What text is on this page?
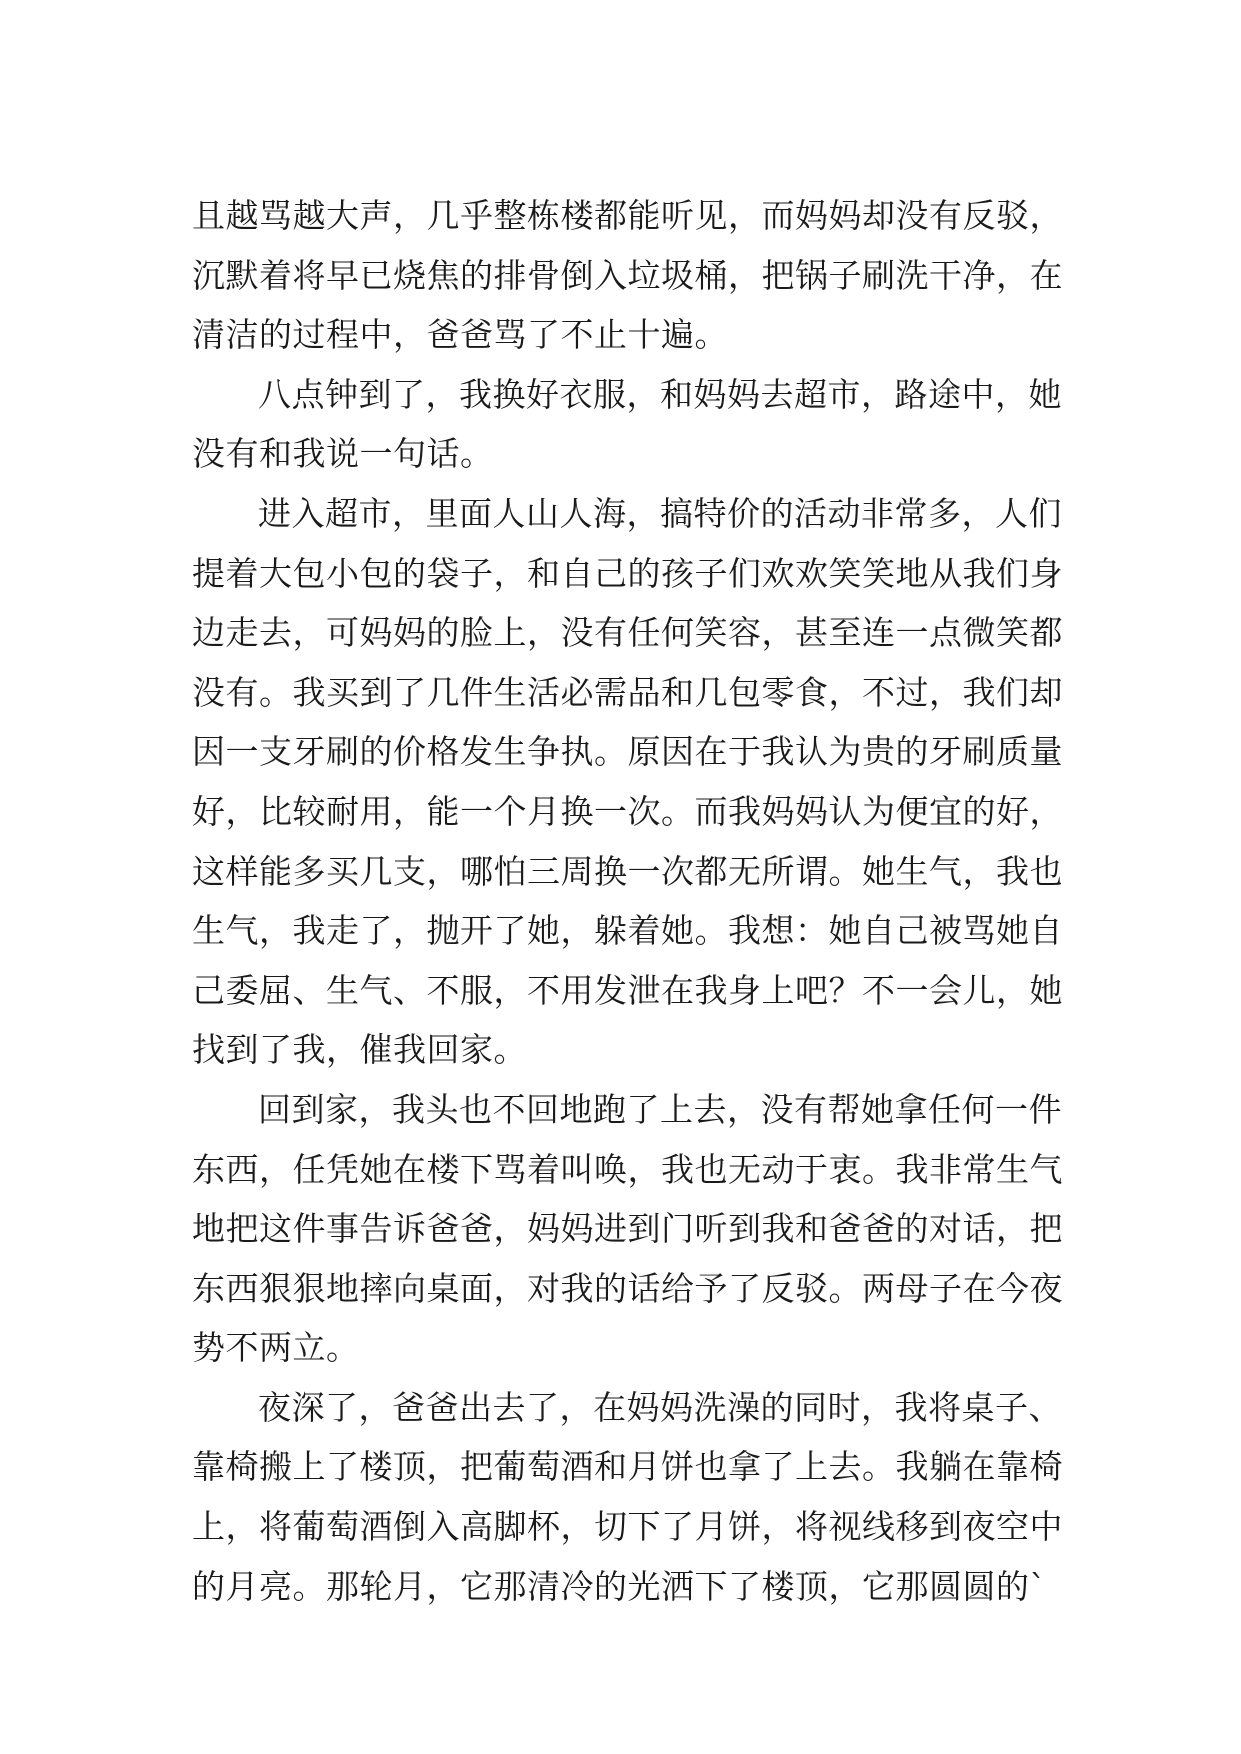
且越骂越大声，几乎整栋楼都能听见，而妈妈却没有反驳，
沉默着将早已烧焦的排骨倒入垃圾桶，把锅子刷洗干净，在
清洁的过程中，爸爸骂了不止十遍。
八点钟到了，我换好衣服，和妈妈去超市，路途中，她
没有和我说一句话。
进入超市，里面人山人海，搞特价的活动非常多，人们
提着大包小包的袋子，和自己的孩子们欢欢笑笑地从我们身
边走去，可妈妈的脸上，没有任何笑容，甚至连一点微笑都
没有。我买到了几件生活必需品和几包零食，不过，我们却
因一支牙刷的价格发生争执。原因在于我认为贵的牙刷质量
好，比较耐用，能一个月换一次。而我妈妈认为便宜的好，
这样能多买几支，哪怕三周换一次都无所谓。她生气，我也
生气，我走了，抛开了她，躲着她。我想：她自己被骂她自
己委屈、生气、不服，不用发泄在我身上吧？不一会儿，她
找到了我，催我回家。
回到家，我头也不回地跑了上去，没有帮她拿任何一件
东西，任凭她在楼下骂着叫唤，我也无动于衷。我非常生气
地把这件事告诉爸爸，妈妈进到门听到我和爸爸的对话，把
东西狠狠地摔向桌面，对我的话给予了反驳。两母子在今夜
势不两立。
夜深了，爸爸出去了，在妈妈洗澡的同时，我将桌子、
靠椅搬上了楼顶，把葡萄酒和月饼也拿了上去。我躺在靠椅
上，将葡萄酒倒入高脚杯，切下了月饼，将视线移到夜空中
的月亮。那轮月，它那清冷的光洒下了楼顶，它那圆圆的`
